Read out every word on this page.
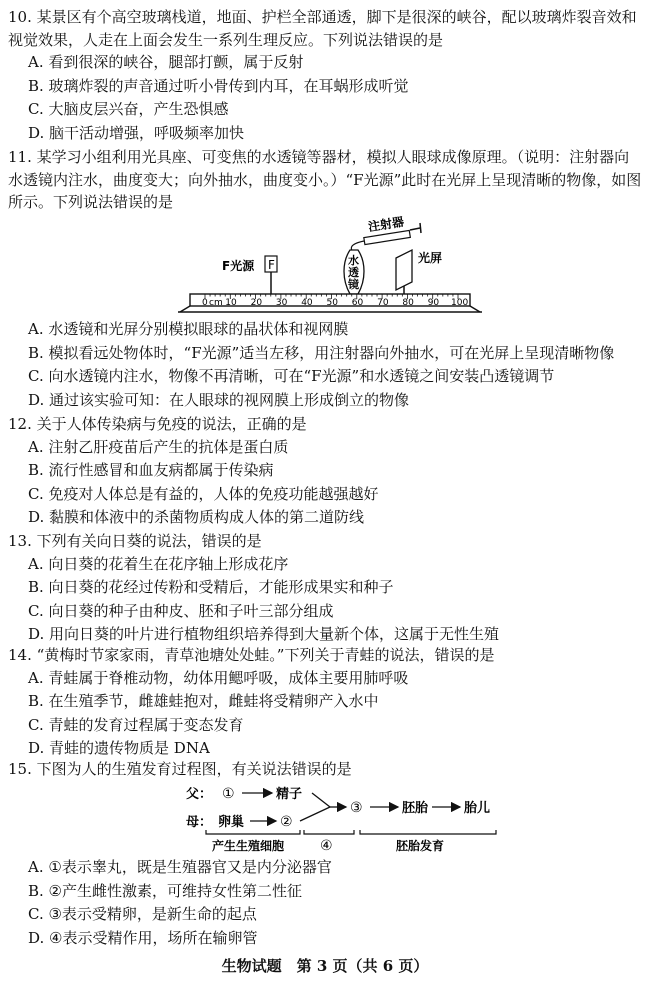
10. 某景区有个高空玻璃栈道，地面、护栏全部通透，脚下是很深的峡谷，配以玻璃炸裂音效和视觉效果，人走在上面会发生一系列生理反应。下列说法错误的是

A. 看到很深的峡谷，腿部打颤，属于反射

B. 玻璃炸裂的声音通过听小骨传到内耳，在耳蜗形成听觉

C. 大脑皮层兴奋，产生恐惧感

D. 脑干活动增强，呼吸频率加快

11. 某学习小组利用光具座、可变焦的水透镜等器材，模拟人眼球成像原理。（说明：注射器向水透镜内注水，曲度变大；向外抽水，曲度变小。）“F光源”此时在光屏上呈现清晰的物像，如图所示。下列说法错误的是

注射器
F光源 F	水
透
镜
光屏
0 cm 10 20 30 40 50 60 70 80 90 100

A. 水透镜和光屏分别模拟眼球的晶状体和视网膜

B. 模拟看远处物体时，“F光源”适当左移，用注射器向外抽水，可在光屏上呈现清晰物像

C. 向水透镜内注水，物像不再清晰，可在“F光源”和水透镜之间安装凸透镜调节

D. 通过该实验可知：在人眼球的视网膜上形成倒立的物像

12. 关于人体传染病与免疫的说法，正确的是

A. 注射乙肝疫苗后产生的抗体是蛋白质

B. 流行性感冒和血友病都属于传染病

C. 免疫对人体总是有益的，人体的免疫功能越强越好

D. 黏膜和体液中的杀菌物质构成人体的第二道防线

13. 下列有关向日葵的说法，错误的是

A. 向日葵的花着生在花序轴上形成花序

B. 向日葵的花经过传粉和受精后，才能形成果实和种子

C. 向日葵的种子由种皮、胚和子叶三部分组成

D. 用向日葵的叶片进行植物组织培养得到大量新个体，这属于无性生殖

14. “黄梅时节家家雨，青草池塘处处蛙。”下列关于青蛙的说法，错误的是

A. 青蛙属于脊椎动物，幼体用鳃呼吸，成体主要用肺呼吸

B. 在生殖季节，雌雄蛙抱对，雌蛙将受精卵产入水中

C. 青蛙的发育过程属于变态发育

D. 青蛙的遗传物质是 DNA

15. 下图为人的生殖发育过程图，有关说法错误的是

父： ①	精子
母： 卵巢	②
③	胚胎	胎儿
产生生殖细胞	④	胚胎发育

A. ①表示睾丸，既是生殖器官又是内分泌器官

B. ②产生雌性激素，可维持女性第二性征

C. ③表示受精卵，是新生命的起点

D. ④表示受精作用，场所在输卵管

生物试题　第 3 页（共 6 页）
